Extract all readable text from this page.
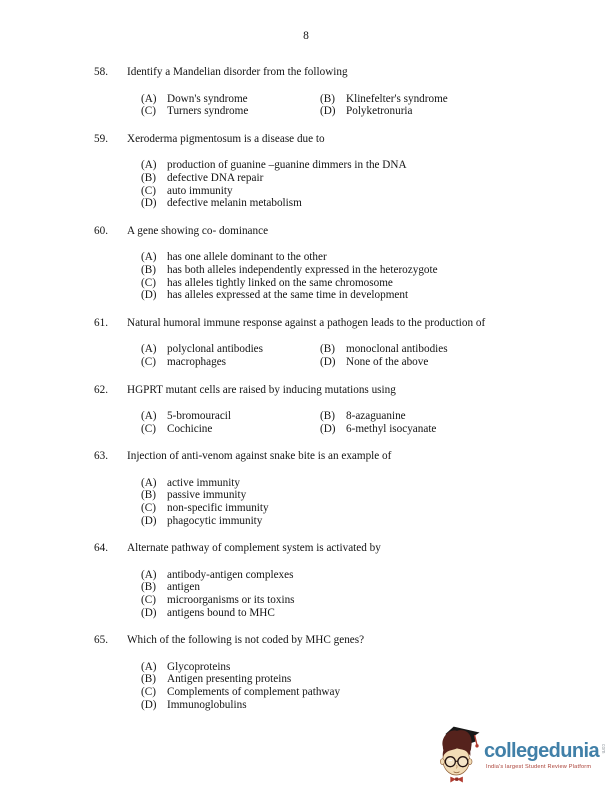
8
58.	Identify a Mandelian disorder from the following
(A) Down's syndrome	(B) Klinefelter's syndrome
(C) Turners syndrome	(D) Polyketronuria
59.	Xeroderma pigmentosum is a disease due to
(A) production of guanine –guanine dimmers in the DNA
(B) defective DNA repair
(C) auto immunity
(D) defective melanin metabolism
60.	A gene showing co- dominance
(A) has one allele dominant to the other
(B) has both alleles independently expressed in the heterozygote
(C) has alleles tightly linked on the same chromosome
(D) has alleles expressed at the same time in development
61.	Natural humoral immune response against a pathogen leads to the production of
(A) polyclonal antibodies	(B) monoclonal antibodies
(C) macrophages	(D) None of the above
62.	HGPRT mutant cells are raised by inducing mutations using
(A) 5-bromouracil	(B) 8-azaguanine
(C) Cochicine	(D) 6-methyl isocyanate
63.	Injection of anti-venom against snake bite is an example of
(A) active immunity
(B) passive immunity
(C) non-specific immunity
(D) phagocytic immunity
64.	Alternate pathway of complement system is activated by
(A) antibody-antigen complexes
(B) antigen
(C) microorganisms or its toxins
(D) antigens bound to MHC
65.	Which of the following is not coded by MHC genes?
(A) Glycoproteins
(B) Antigen presenting proteins
(C) Complements of complement pathway
(D) Immunoglobulins
collegedunia com
India's largest Student Review Platform
